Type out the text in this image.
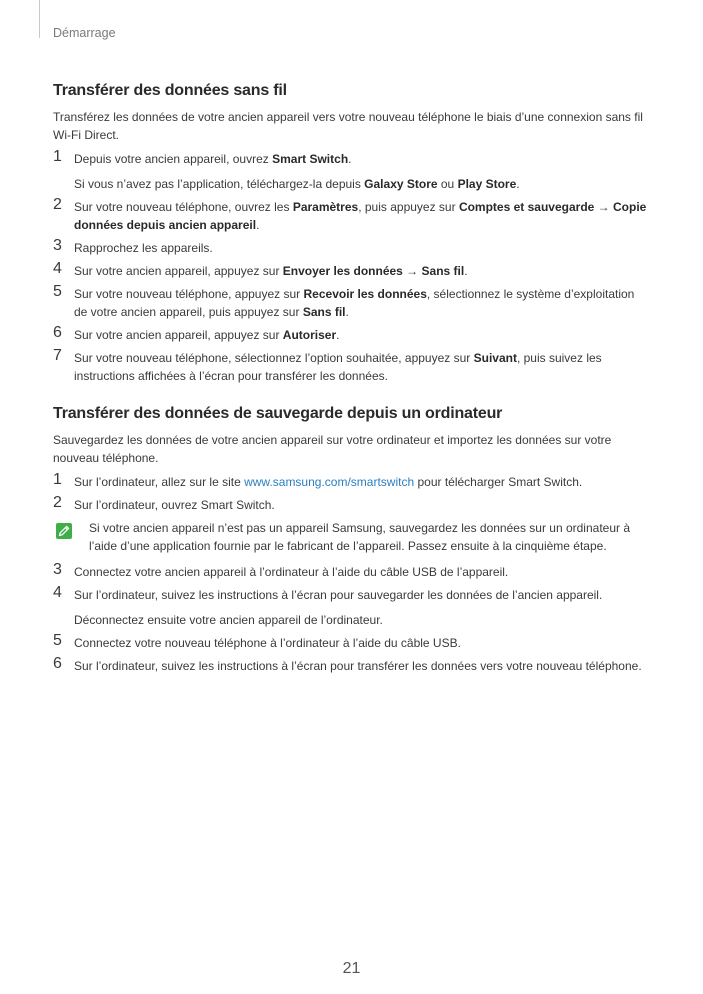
Démarrage
Transférer des données sans fil

Transférez les données de votre ancien appareil vers votre nouveau téléphone le biais d’une connexion sans fil Wi-Fi Direct.

1 Depuis votre ancien appareil, ouvrez Smart Switch.
Si vous n’avez pas l’application, téléchargez-la depuis Galaxy Store ou Play Store.
2 Sur votre nouveau téléphone, ouvrez les Paramètres, puis appuyez sur Comptes et sauvegarde → Copie données depuis ancien appareil.
3 Rapprochez les appareils.
4 Sur votre ancien appareil, appuyez sur Envoyer les données → Sans fil.
5 Sur votre nouveau téléphone, appuyez sur Recevoir les données, sélectionnez le système d’exploitation de votre ancien appareil, puis appuyez sur Sans fil.
6 Sur votre ancien appareil, appuyez sur Autoriser.
7 Sur votre nouveau téléphone, sélectionnez l’option souhaitée, appuyez sur Suivant, puis suivez les instructions affichées à l’écran pour transférer les données.
Transférer des données de sauvegarde depuis un ordinateur

Sauvegardez les données de votre ancien appareil sur votre ordinateur et importez les données sur votre nouveau téléphone.

1 Sur l’ordinateur, allez sur le site www.samsung.com/smartswitch pour télécharger Smart Switch.
2 Sur l’ordinateur, ouvrez Smart Switch.
Si votre ancien appareil n’est pas un appareil Samsung, sauvegardez les données sur un ordinateur à l’aide d’une application fournie par le fabricant de l’appareil. Passez ensuite à la cinquième étape.
3 Connectez votre ancien appareil à l’ordinateur à l’aide du câble USB de l’appareil.
4 Sur l’ordinateur, suivez les instructions à l’écran pour sauvegarder les données de l’ancien appareil.
Déconnectez ensuite votre ancien appareil de l’ordinateur.
5 Connectez votre nouveau téléphone à l’ordinateur à l’aide du câble USB.
6 Sur l’ordinateur, suivez les instructions à l’écran pour transférer les données vers votre nouveau téléphone.
21
